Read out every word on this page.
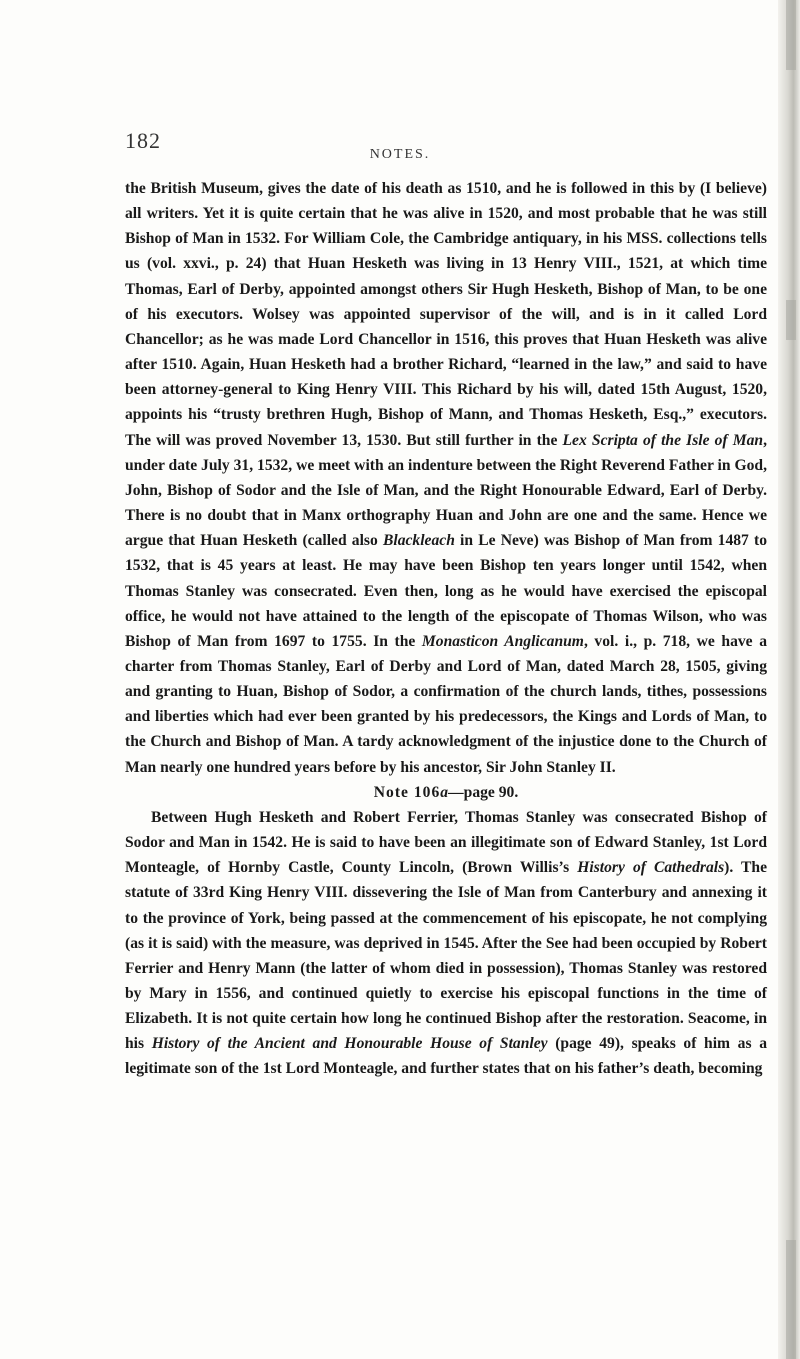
182
NOTES.

the British Museum, gives the date of his death as 1510, and he is followed in this by (I believe) all writers. Yet it is quite certain that he was alive in 1520, and most probable that he was still Bishop of Man in 1532. For William Cole, the Cambridge antiquary, in his MSS. collections tells us (vol. xxvi., p. 24) that Huan Hesketh was living in 13 Henry VIII., 1521, at which time Thomas, Earl of Derby, appointed amongst others Sir Hugh Hesketh, Bishop of Man, to be one of his executors. Wolsey was appointed supervisor of the will, and is in it called Lord Chancellor; as he was made Lord Chancellor in 1516, this proves that Huan Hesketh was alive after 1510. Again, Huan Hesketh had a brother Richard, “learned in the law,” and said to have been attorney-general to King Henry VIII. This Richard by his will, dated 15th August, 1520, appoints his “trusty brethren Hugh, Bishop of Mann, and Thomas Hesketh, Esq.,” executors. The will was proved November 13, 1530. But still further in the Lex Scripta of the Isle of Man, under date July 31, 1532, we meet with an indenture between the Right Reverend Father in God, John, Bishop of Sodor and the Isle of Man, and the Right Honourable Edward, Earl of Derby. There is no doubt that in Manx orthography Huan and John are one and the same. Hence we argue that Huan Hesketh (called also Blackleach in Le Neve) was Bishop of Man from 1487 to 1532, that is 45 years at least. He may have been Bishop ten years longer until 1542, when Thomas Stanley was consecrated. Even then, long as he would have exercised the episcopal office, he would not have attained to the length of the episcopate of Thomas Wilson, who was Bishop of Man from 1697 to 1755. In the Monasticon Anglicanum, vol. i., p. 718, we have a charter from Thomas Stanley, Earl of Derby and Lord of Man, dated March 28, 1505, giving and granting to Huan, Bishop of Sodor, a confirmation of the church lands, tithes, possessions and liberties which had ever been granted by his predecessors, the Kings and Lords of Man, to the Church and Bishop of Man. A tardy acknowledgment of the injustice done to the Church of Man nearly one hundred years before by his ancestor, Sir John Stanley II.

Note 106a—page 90.

Between Hugh Hesketh and Robert Ferrier, Thomas Stanley was consecrated Bishop of Sodor and Man in 1542. He is said to have been an illegitimate son of Edward Stanley, 1st Lord Monteagle, of Hornby Castle, County Lincoln, (Brown Willis’s History of Cathedrals). The statute of 33rd King Henry VIII. dissevering the Isle of Man from Canterbury and annexing it to the province of York, being passed at the commencement of his episcopate, he not complying (as it is said) with the measure, was deprived in 1545. After the See had been occupied by Robert Ferrier and Henry Mann (the latter of whom died in possession), Thomas Stanley was restored by Mary in 1556, and continued quietly to exercise his episcopal functions in the time of Elizabeth. It is not quite certain how long he continued Bishop after the restoration. Seacome, in his History of the Ancient and Honourable House of Stanley (page 49), speaks of him as a legitimate son of the 1st Lord Monteagle, and further states that on his father’s death, becoming
